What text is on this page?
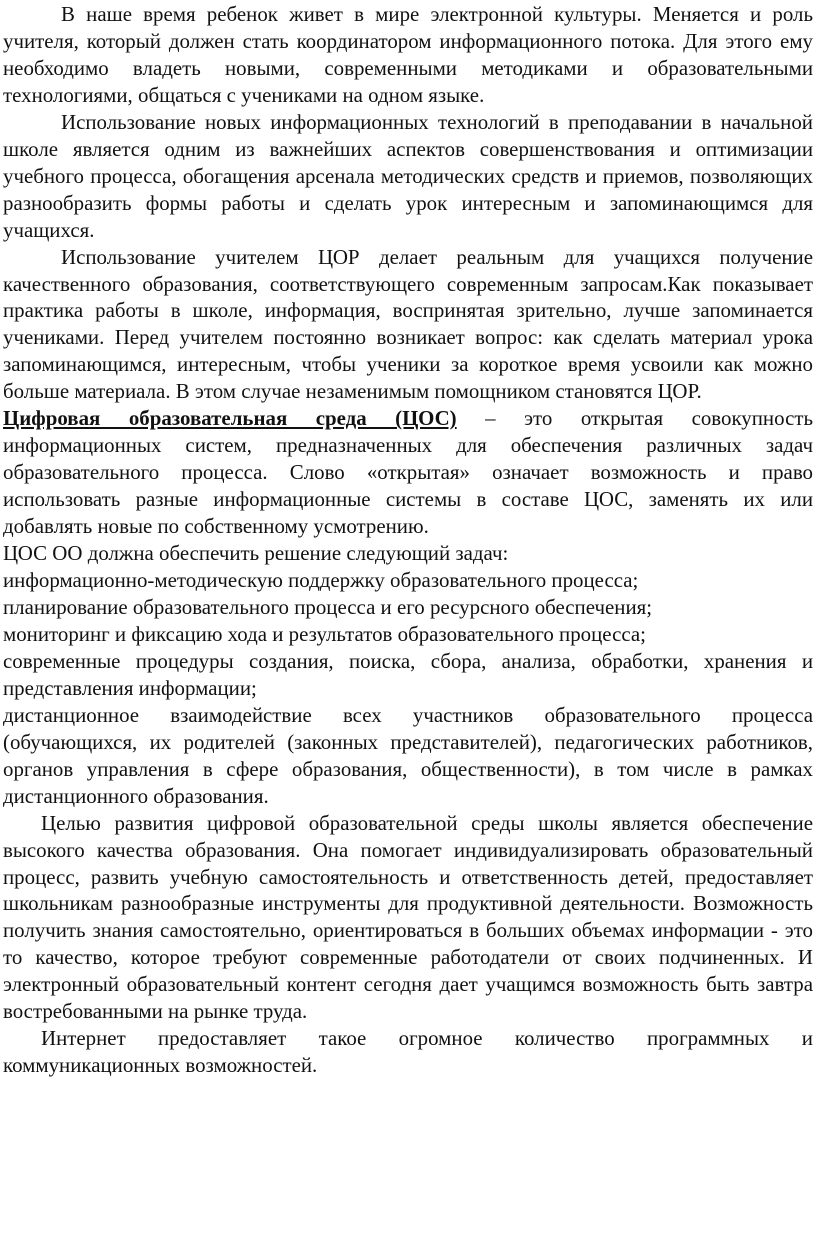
В наше время ребенок живет в мире электронной культуры. Меняется и роль учителя, который должен стать координатором информационного потока. Для этого ему необходимо владеть новыми, современными методиками и образовательными технологиями, общаться с учениками на одном языке.

Использование новых информационных технологий в преподавании в начальной школе является одним из важнейших аспектов совершенствования и оптимизации учебного процесса, обогащения арсенала методических средств и приемов, позволяющих разнообразить формы работы и сделать урок интересным и запоминающимся для учащихся.

Использование учителем ЦОР делает реальным для учащихся получение качественного образования, соответствующего современным запросам.Как показывает практика работы в школе, информация, воспринятая зрительно, лучше запоминается учениками. Перед учителем постоянно возникает вопрос: как сделать материал урока запоминающимся, интересным, чтобы ученики за короткое время усвоили как можно больше материала. В этом случае незаменимым помощником становятся ЦОР.

Цифровая образовательная среда (ЦОС) – это открытая совокупность информационных систем, предназначенных для обеспечения различных задач образовательного процесса. Слово «открытая» означает возможность и право использовать разные информационные системы в составе ЦОС, заменять их или добавлять новые по собственному усмотрению.

ЦОС ОО должна обеспечить решение следующий задач:

информационно-методическую поддержку образовательного процесса;

планирование образовательного процесса и его ресурсного обеспечения;

мониторинг и фиксацию хода и результатов образовательного процесса;

современные процедуры создания, поиска, сбора, анализа, обработки, хранения и представления информации;

дистанционное взаимодействие всех участников образовательного процесса (обучающихся, их родителей (законных представителей), педагогических работников, органов управления в сфере образования, общественности), в том числе в рамках дистанционного образования.

Целью развития цифровой образовательной среды школы является обеспечение высокого качества образования. Она помогает индивидуализировать образовательный процесс, развить учебную самостоятельность и ответственность детей, предоставляет школьникам разнообразные инструменты для продуктивной деятельности. Возможность получить знания самостоятельно, ориентироваться в больших объемах информации - это то качество, которое требуют современные работодатели от своих подчиненных. И электронный образовательный контент сегодня дает учащимся возможность быть завтра востребованными на рынке труда.

Интернет предоставляет такое огромное количество программных и коммуникационных возможностей.
